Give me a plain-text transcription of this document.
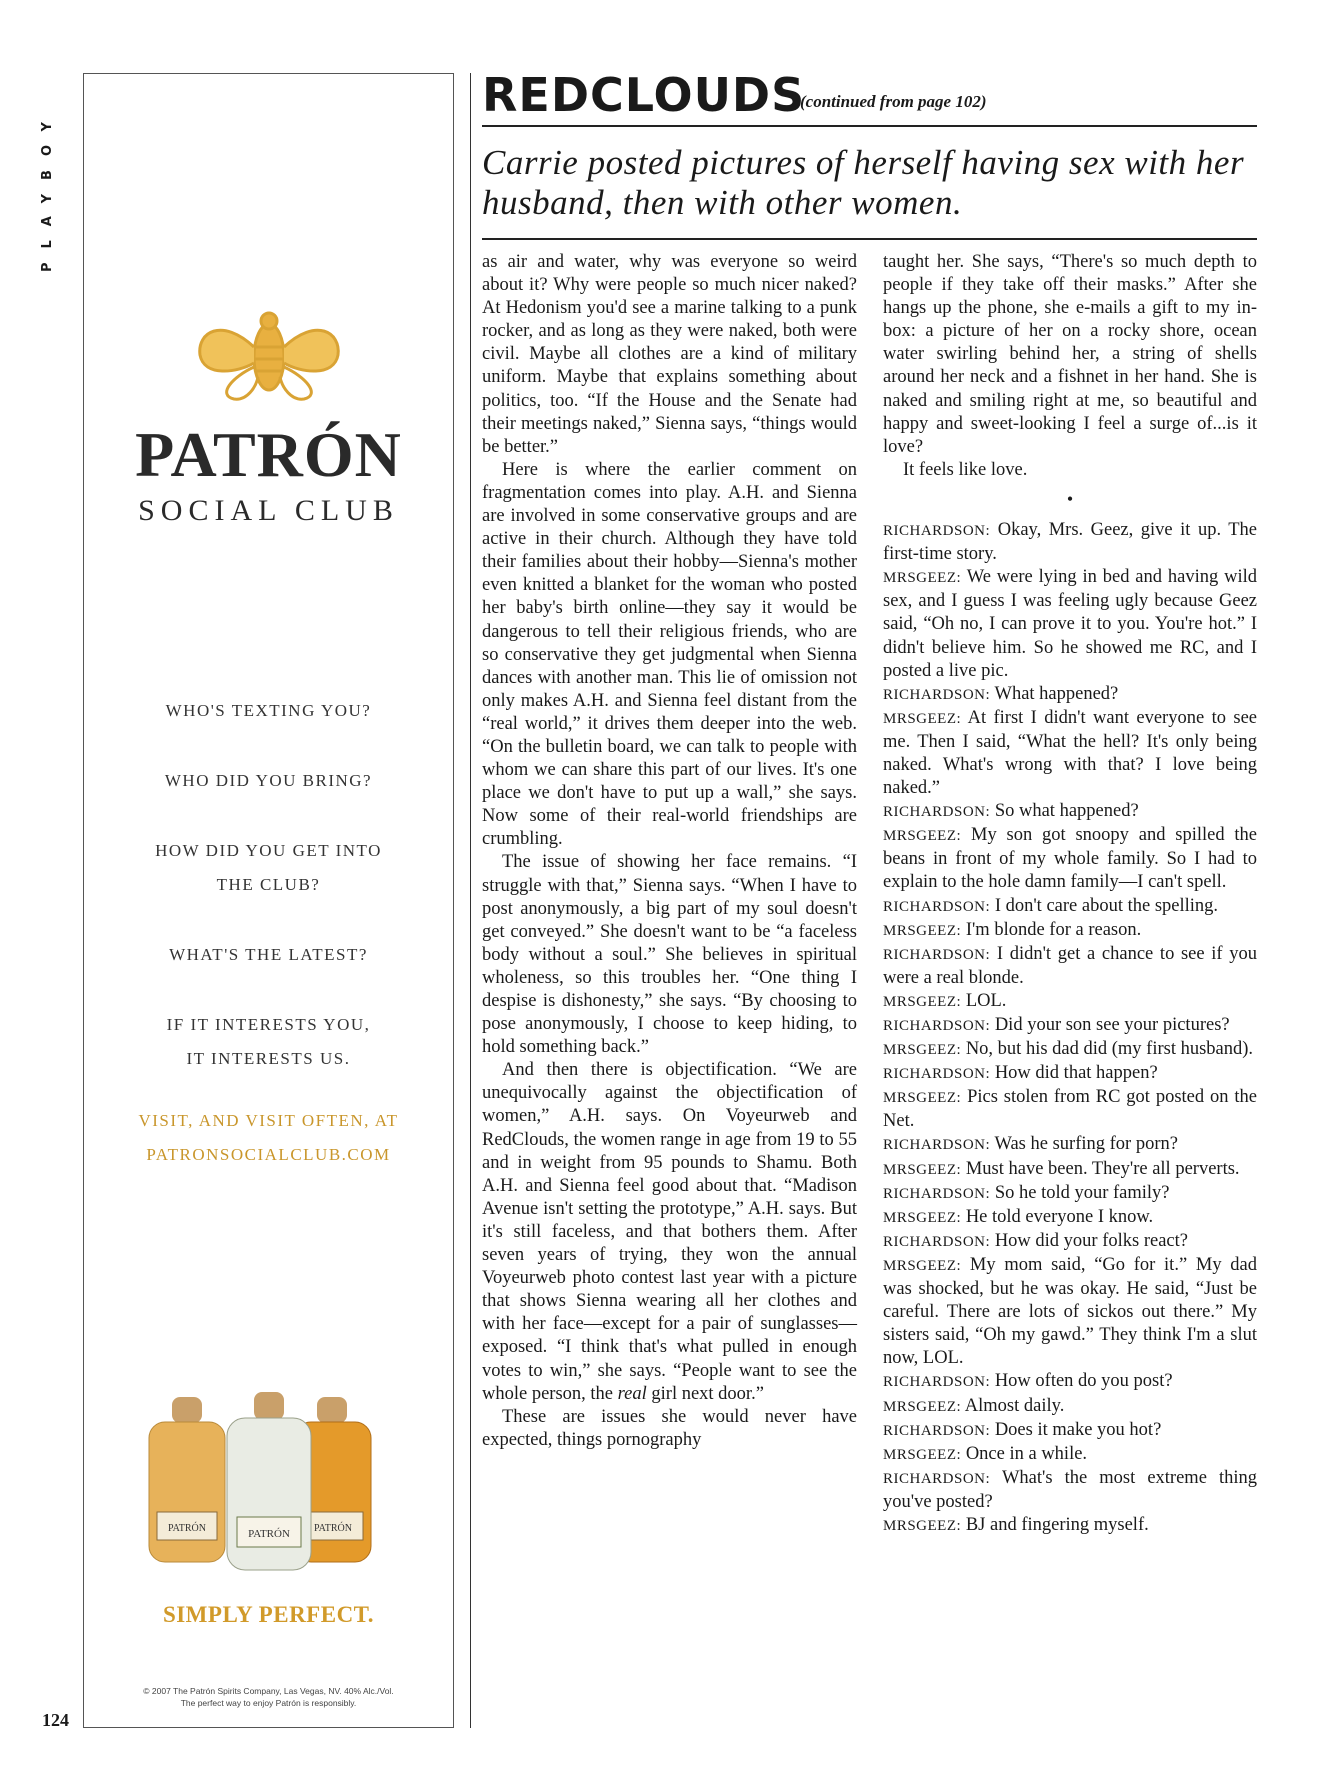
PLAYBOY
124
PATRÓN
SOCIAL CLUB
WHO'S TEXTING YOU?
WHO DID YOU BRING?
HOW DID YOU GET INTO
THE CLUB?
WHAT'S THE LATEST?
IF IT INTERESTS YOU,
IT INTERESTS US.
VISIT, AND VISIT OFTEN, AT
PATRONSOCIALCLUB.COM
PATRÓN	PATRÓN
PATRÓN
SIMPLY PERFECT.
© 2007 The Patrón Spirits Company, Las Vegas, NV. 40% Alc./Vol.
The perfect way to enjoy Patrón is responsibly.
REDCLOUDS
(continued from page 102)
Carrie posted pictures of herself having sex with her husband, then with other women.

as air and water, why was everyone so weird about it? Why were people so much nicer naked? At Hedonism you'd see a marine talking to a punk rocker, and as long as they were naked, both were civil. Maybe all clothes are a kind of military uniform. Maybe that explains something about politics, too. “If the House and the Senate had their meetings naked,” Sienna says, “things would be better.”

Here is where the earlier comment on fragmentation comes into play. A.H. and Sienna are involved in some conservative groups and are active in their church. Although they have told their families about their hobby—Sienna's mother even knitted a blanket for the woman who posted her baby's birth online—they say it would be dangerous to tell their religious friends, who are so conservative they get judgmental when Sienna dances with another man. This lie of omission not only makes A.H. and Sienna feel distant from the “real world,” it drives them deeper into the web. “On the bulletin board, we can talk to people with whom we can share this part of our lives. It's one place we don't have to put up a wall,” she says. Now some of their real-world friendships are crumbling.

The issue of showing her face remains. “I struggle with that,” Sienna says. “When I have to post anonymously, a big part of my soul doesn't get conveyed.” She doesn't want to be “a faceless body without a soul.” She believes in spiritual wholeness, so this troubles her. “One thing I despise is dishonesty,” she says. “By choosing to pose anonymously, I choose to keep hiding, to hold something back.”

And then there is objectification. “We are unequivocally against the objectification of women,” A.H. says. On Voyeurweb and RedClouds, the women range in age from 19 to 55 and in weight from 95 pounds to Shamu. Both A.H. and Sienna feel good about that. “Madison Avenue isn't setting the prototype,” A.H. says. But it's still faceless, and that bothers them. After seven years of trying, they won the annual Voyeurweb photo contest last year with a picture that shows Sienna wearing all her clothes and with her face—except for a pair of sunglasses—exposed. “I think that's what pulled in enough votes to win,” she says. “People want to see the whole person, the real girl next door.”

These are issues she would never have expected, things pornography

taught her. She says, “There's so much depth to people if they take off their masks.” After she hangs up the phone, she e-mails a gift to my in-box: a picture of her on a rocky shore, ocean water swirling behind her, a string of shells around her neck and a fishnet in her hand. She is naked and smiling right at me, so beautiful and happy and sweet-looking I feel a surge of...is it love?

It feels like love.

•

RICHARDSON: Okay, Mrs. Geez, give it up. The first-time story.

MRSGEEZ: We were lying in bed and having wild sex, and I guess I was feeling ugly because Geez said, “Oh no, I can prove it to you. You're hot.” I didn't believe him. So he showed me RC, and I posted a live pic.

RICHARDSON: What happened?

MRSGEEZ: At first I didn't want everyone to see me. Then I said, “What the hell? It's only being naked. What's wrong with that? I love being naked.”

RICHARDSON: So what happened?

MRSGEEZ: My son got snoopy and spilled the beans in front of my whole family. So I had to explain to the hole damn family—I can't spell.

RICHARDSON: I don't care about the spelling.

MRSGEEZ: I'm blonde for a reason.

RICHARDSON: I didn't get a chance to see if you were a real blonde.

MRSGEEZ: LOL.

RICHARDSON: Did your son see your pictures?

MRSGEEZ: No, but his dad did (my first husband).

RICHARDSON: How did that happen?

MRSGEEZ: Pics stolen from RC got posted on the Net.

RICHARDSON: Was he surfing for porn?

MRSGEEZ: Must have been. They're all perverts.

RICHARDSON: So he told your family?

MRSGEEZ: He told everyone I know.

RICHARDSON: How did your folks react?

MRSGEEZ: My mom said, “Go for it.” My dad was shocked, but he was okay. He said, “Just be careful. There are lots of sickos out there.” My sisters said, “Oh my gawd.” They think I'm a slut now, LOL.

RICHARDSON: How often do you post?

MRSGEEZ: Almost daily.

RICHARDSON: Does it make you hot?

MRSGEEZ: Once in a while.

RICHARDSON: What's the most extreme thing you've posted?

MRSGEEZ: BJ and fingering myself.
